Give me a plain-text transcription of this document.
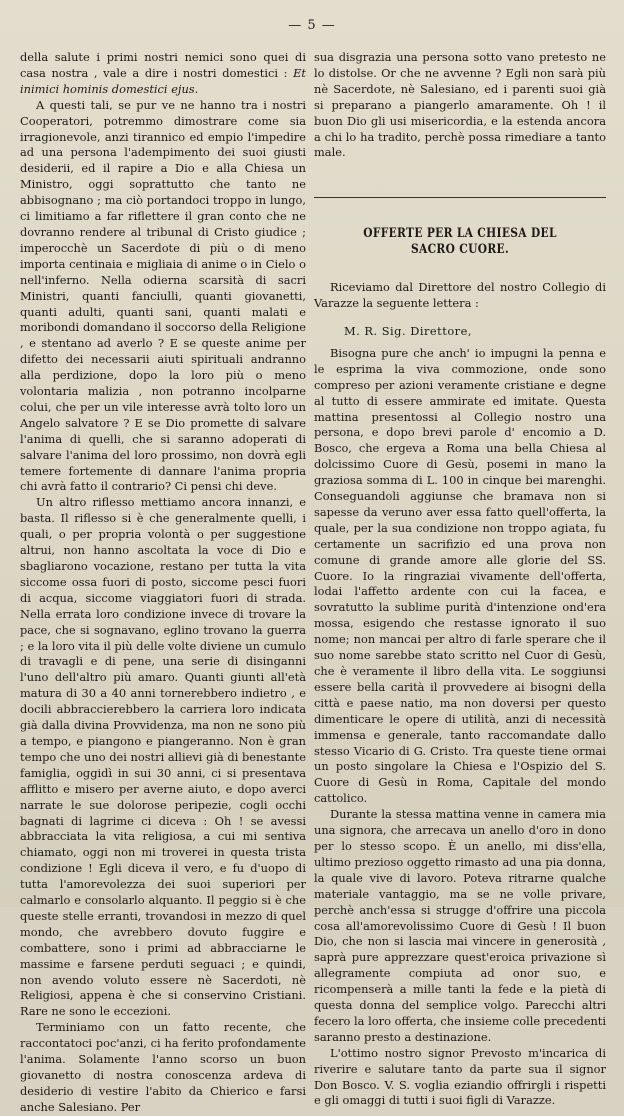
— 5 —

della salute i primi nostri nemici sono quei di casa nostra , vale a dire i nostri domestici : Et inimici hominis domestici ejus.

A questi tali, se pur ve ne hanno tra i nostri Cooperatori, potremmo dimostrare come sia irragionevole, anzi tirannico ed empio l'impedire ad una persona l'adempimento dei suoi giusti desiderii, ed il rapire a Dio e alla Chiesa un Ministro, oggi soprattutto che tanto ne abbisognano ; ma ciò portandoci troppo in lungo, ci limitiamo a far riflettere il gran conto che ne dovranno rendere al tribunal di Cristo giudice ; imperocchè un Sacerdote di più o di meno importa centinaia e migliaia di anime o in Cielo o nell'inferno. Nella odierna scarsità di sacri Ministri, quanti fanciulli, quanti giovanetti, quanti adulti, quanti sani, quanti malati e moribondi domandano il soccorso della Religione , e stentano ad averlo ? E se queste anime per difetto dei necessarii aiuti spirituali andranno alla perdizione, dopo la loro più o meno volontaria malizia , non potranno incolparne colui, che per un vile interesse avrà tolto loro un Angelo salvatore ? E se Dio promette di salvare l'anima di quelli, che si saranno adoperati di salvare l'anima del loro prossimo, non dovrà egli temere fortemente di dannare l'anima propria chi avrà fatto il contrario? Ci pensi chi deve.

Un altro riflesso mettiamo ancora innanzi, e basta. Il riflesso si è che generalmente quelli, i quali, o per propria volontà o per suggestione altrui, non hanno ascoltata la voce di Dio e sbagliarono vocazione, restano per tutta la vita siccome ossa fuori di posto, siccome pesci fuori di acqua, siccome viaggiatori fuori di strada. Nella errata loro condizione invece di trovare la pace, che si sognavano, eglino trovano la guerra ; e la loro vita il più delle volte diviene un cumulo di travagli e di pene, una serie di disinganni l'uno dell'altro più amaro. Quanti giunti all'età matura di 30 a 40 anni tornerebbero indietro , e docili abbraccierebbero la carriera loro indicata già dalla divina Provvidenza, ma non ne sono più a tempo, e piangono e piangeranno. Non è gran tempo che uno dei nostri allievi già di benestante famiglia, oggidì in sui 30 anni, ci si presentava afflitto e misero per averne aiuto, e dopo averci narrate le sue dolorose peripezie, cogli occhi bagnati di lagrime ci diceva : Oh ! se avessi abbracciata la vita religiosa, a cui mi sentiva chiamato, oggi non mi troverei in questa trista condizione ! Egli diceva il vero, e fu d'uopo di tutta l'amorevolezza dei suoi superiori per calmarlo e consolarlo alquanto. Il peggio si è che queste stelle erranti, trovandosi in mezzo di quel mondo, che avrebbero dovuto fuggire e combattere, sono i primi ad abbracciarne le massime e farsene perduti seguaci ; e quindi, non avendo voluto essere nè Sacerdoti, nè Religiosi, appena è che si conservino Cristiani. Rare ne sono le eccezioni.

Terminiamo con un fatto recente, che raccontatoci poc'anzi, ci ha ferito profondamente l'anima. Solamente l'anno scorso un buon giovanetto di nostra conoscenza ardeva di desiderio di vestire l'abito da Chierico e farsi anche Salesiano. Per

sua disgrazia una persona sotto vano pretesto ne lo distolse. Or che ne avvenne ? Egli non sarà più nè Sacerdote, nè Salesiano, ed i parenti suoi già si preparano a piangerlo amaramente. Oh ! il buon Dio gli usi misericordia, e la estenda ancora a chi lo ha tradito, perchè possa rimediare a tanto male.

OFFERTE PER LA CHIESA DEL SACRO CUORE.

Riceviamo dal Direttore del nostro Collegio di Varazze la seguente lettera :

M. R. Sig. Direttore,

Bisogna pure che anch' io impugni la penna e le esprima la viva commozione, onde sono compreso per azioni veramente cristiane e degne al tutto di essere ammirate ed imitate. Questa mattina presentossi al Collegio nostro una persona, e dopo brevi parole d' encomio a D. Bosco, che ergeva a Roma una bella Chiesa al dolcissimo Cuore di Gesù, posemi in mano la graziosa somma di L. 100 in cinque bei marenghi. Conseguandoli aggiunse che bramava non si sapesse da veruno aver essa fatto quell'offerta, la quale, per la sua condizione non troppo agiata, fu certamente un sacrifizio ed una prova non comune di grande amore alle glorie del SS. Cuore. Io la ringraziai vivamente dell'offerta, lodai l'affetto ardente con cui la facea, e sovratutto la sublime purità d'intenzione ond'era mossa, esigendo che restasse ignorato il suo nome; non mancai per altro di farle sperare che il suo nome sarebbe stato scritto nel Cuor di Gesù, che è veramente il libro della vita. Le soggiunsi essere bella carità il provvedere ai bisogni della città e paese natio, ma non doversi per questo dimenticare le opere di utilità, anzi di necessità immensa e generale, tanto raccomandate dallo stesso Vicario di G. Cristo. Tra queste tiene ormai un posto singolare la Chiesa e l'Ospizio del S. Cuore di Gesù in Roma, Capitale del mondo cattolico.

Durante la stessa mattina venne in camera mia una signora, che arrecava un anello d'oro in dono per lo stesso scopo. È un anello, mi diss'ella, ultimo prezioso oggetto rimasto ad una pia donna, la quale vive di lavoro. Poteva ritrarne qualche materiale vantaggio, ma se ne volle privare, perchè anch'essa si strugge d'offrire una piccola cosa all'amorevolissimo Cuore di Gesù ! Il buon Dio, che non si lascia mai vincere in generosità , saprà pure apprezzare quest'eroica privazione sì allegramente compiuta ad onor suo, e ricompenserà a mille tanti la fede e la pietà di questa donna del semplice volgo. Parecchi altri fecero la loro offerta, che insieme colle precedenti saranno presto a destinazione.

L'ottimo nostro signor Prevosto m'incarica di riverire e salutare tanto da parte sua il signor Don Bosco. V. S. voglia eziandio offrirgli i rispetti e gli omaggi di tutti i suoi figli di Varazze.
